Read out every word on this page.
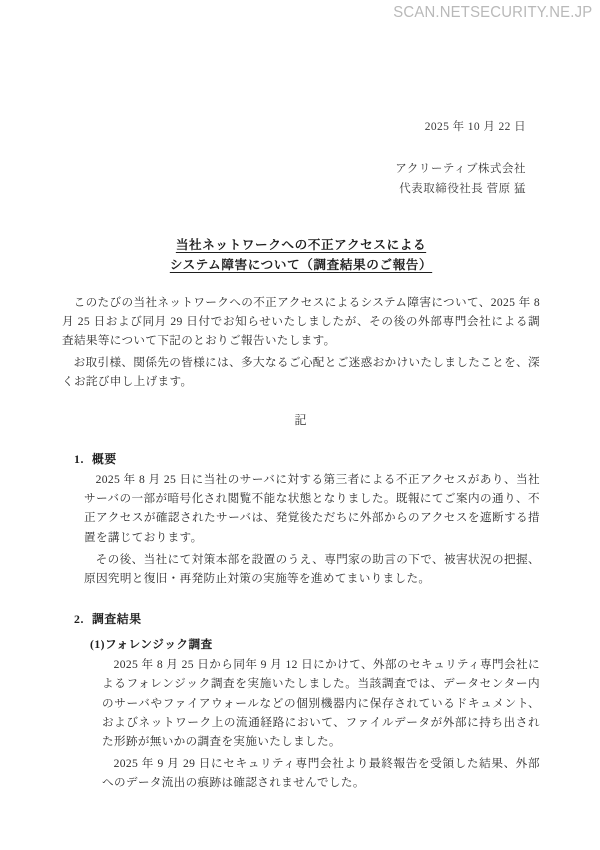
SCAN.NETSECURITY.NE.JP
2025 年 10 月 22 日
アクリーティブ株式会社
代表取締役社長 菅原 猛
当社ネットワークへの不正アクセスによる
システム障害について（調査結果のご報告）
このたびの当社ネットワークへの不正アクセスによるシステム障害について、2025 年 8 月 25 日および同月 29 日付でお知らせいたしましたが、その後の外部専門会社による調査結果等について下記のとおりご報告いたします。
お取引様、関係先の皆様には、多大なるご心配とご迷惑おかけいたしましたことを、深くお詫び申し上げます。
記
1. 概要
2025 年 8 月 25 日に当社のサーバに対する第三者による不正アクセスがあり、当社サーバの一部が暗号化され閲覧不能な状態となりました。既報にてご案内の通り、不正アクセスが確認されたサーバは、発覚後ただちに外部からのアクセスを遮断する措置を講じております。
その後、当社にて対策本部を設置のうえ、専門家の助言の下で、被害状況の把握、原因究明と復旧・再発防止対策の実施等を進めてまいりました。
2. 調査結果
(1)フォレンジック調査
2025 年 8 月 25 日から同年 9 月 12 日にかけて、外部のセキュリティ専門会社によるフォレンジック調査を実施いたしました。当該調査では、データセンター内のサーバやファイアウォールなどの個別機器内に保存されているドキュメント、およびネットワーク上の流通経路において、ファイルデータが外部に持ち出された形跡が無いかの調査を実施いたしました。
2025 年 9 月 29 日にセキュリティ専門会社より最終報告を受領した結果、外部へのデータ流出の痕跡は確認されませんでした。
